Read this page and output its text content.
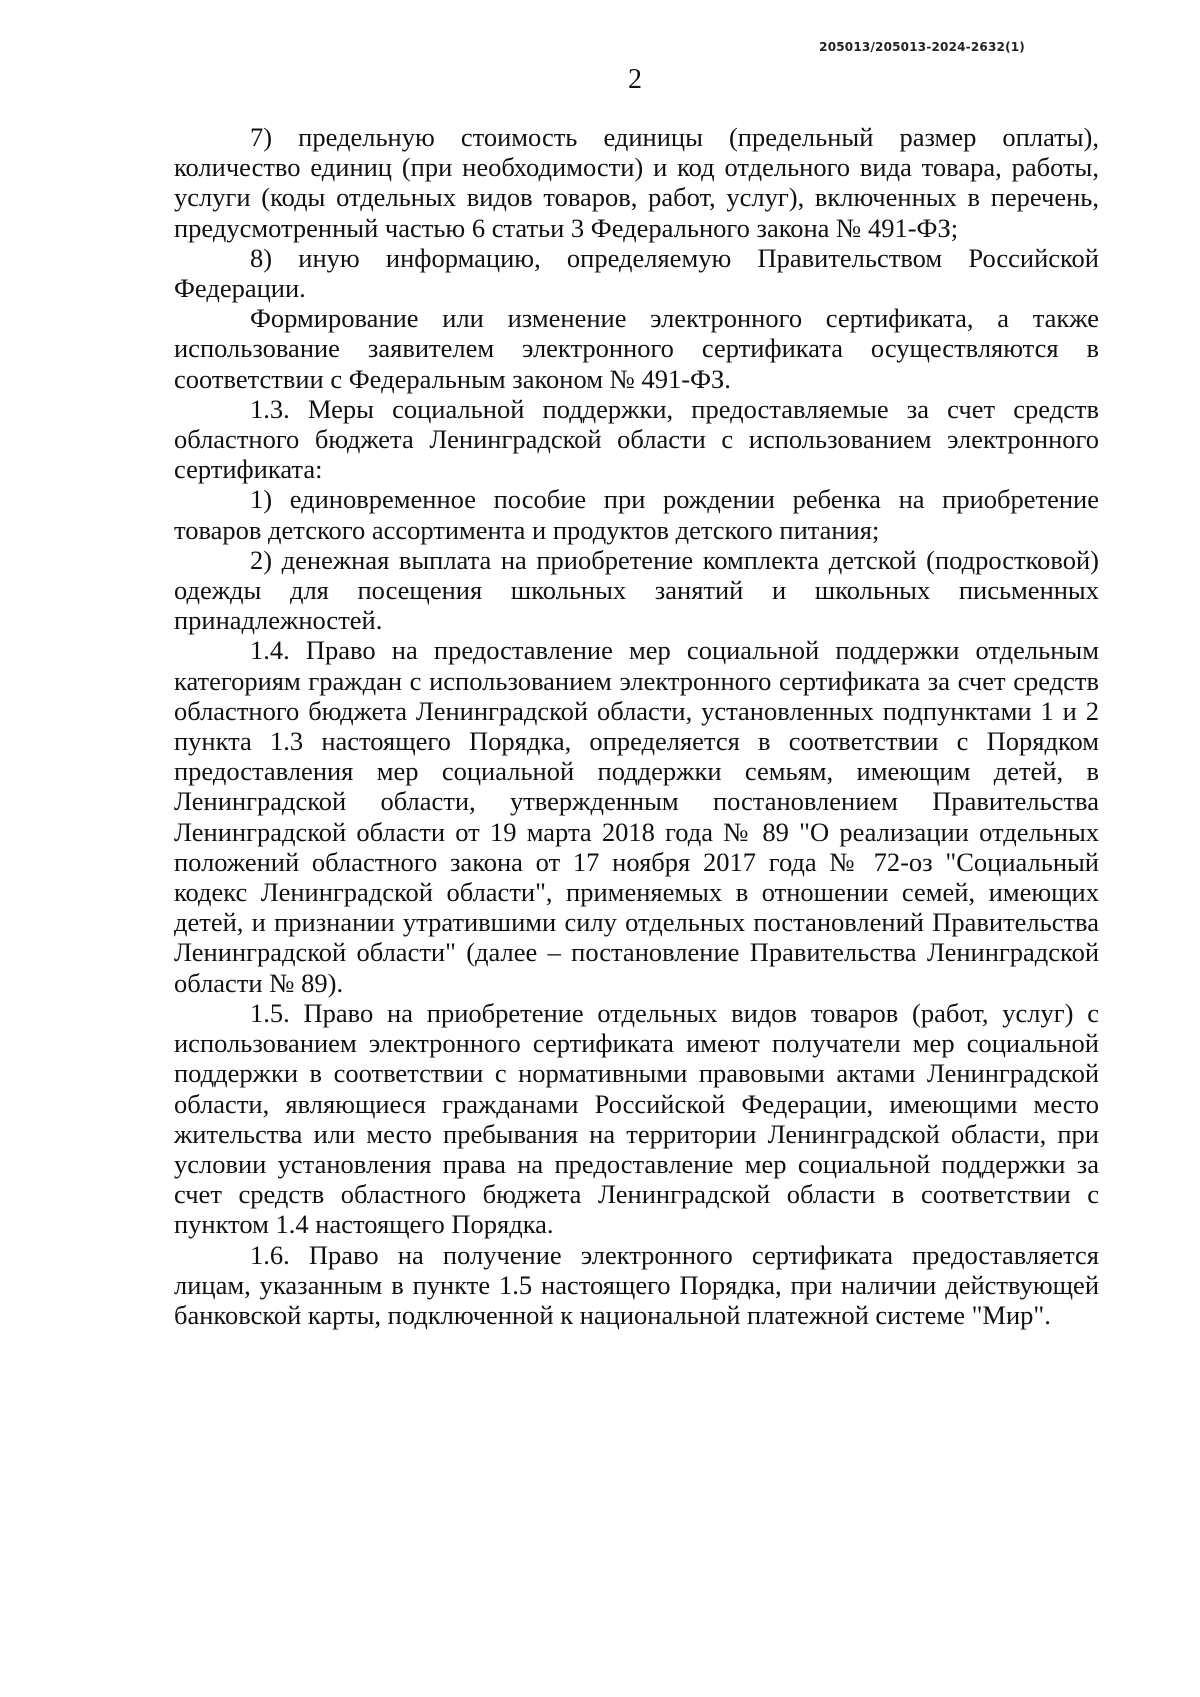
205013/205013-2024-2632(1)
2

7) предельную стоимость единицы (предельный размер оплаты), количество единиц (при необходимости) и код отдельного вида товара, работы, услуги (коды отдельных видов товаров, работ, услуг), включенных в перечень, предусмотренный частью 6 статьи 3 Федерального закона № 491-ФЗ;

8) иную информацию, определяемую Правительством Российской Федерации.

Формирование или изменение электронного сертификата, а также использование заявителем электронного сертификата осуществляются в соответствии с Федеральным законом № 491-ФЗ.

1.3. Меры социальной поддержки, предоставляемые за счет средств областного бюджета Ленинградской области с использованием электронного сертификата:

1) единовременное пособие при рождении ребенка на приобретение товаров детского ассортимента и продуктов детского питания;

2) денежная выплата на приобретение комплекта детской (подростковой) одежды для посещения школьных занятий и школьных письменных принадлежностей.

1.4. Право на предоставление мер социальной поддержки отдельным категориям граждан с использованием электронного сертификата за счет средств областного бюджета Ленинградской области, установленных подпунктами 1 и 2 пункта 1.3 настоящего Порядка, определяется в соответствии с Порядком предоставления мер социальной поддержки семьям, имеющим детей, в Ленинградской области, утвержденным постановлением Правительства Ленинградской области от 19 марта 2018 года № 89 "О реализации отдельных положений областного закона от 17 ноября 2017 года № 72-оз "Социальный кодекс Ленинградской области", применяемых в отношении семей, имеющих детей, и признании утратившими силу отдельных постановлений Правительства Ленинградской области" (далее – постановление Правительства Ленинградской области № 89).

1.5. Право на приобретение отдельных видов товаров (работ, услуг) с использованием электронного сертификата имеют получатели мер социальной поддержки в соответствии с нормативными правовыми актами Ленинградской области, являющиеся гражданами Российской Федерации, имеющими место жительства или место пребывания на территории Ленинградской области, при условии установления права на предоставление мер социальной поддержки за счет средств областного бюджета Ленинградской области в соответствии с пунктом 1.4 настоящего Порядка.

1.6. Право на получение электронного сертификата предоставляется лицам, указанным в пункте 1.5 настоящего Порядка, при наличии действующей банковской карты, подключенной к национальной платежной системе "Мир".
